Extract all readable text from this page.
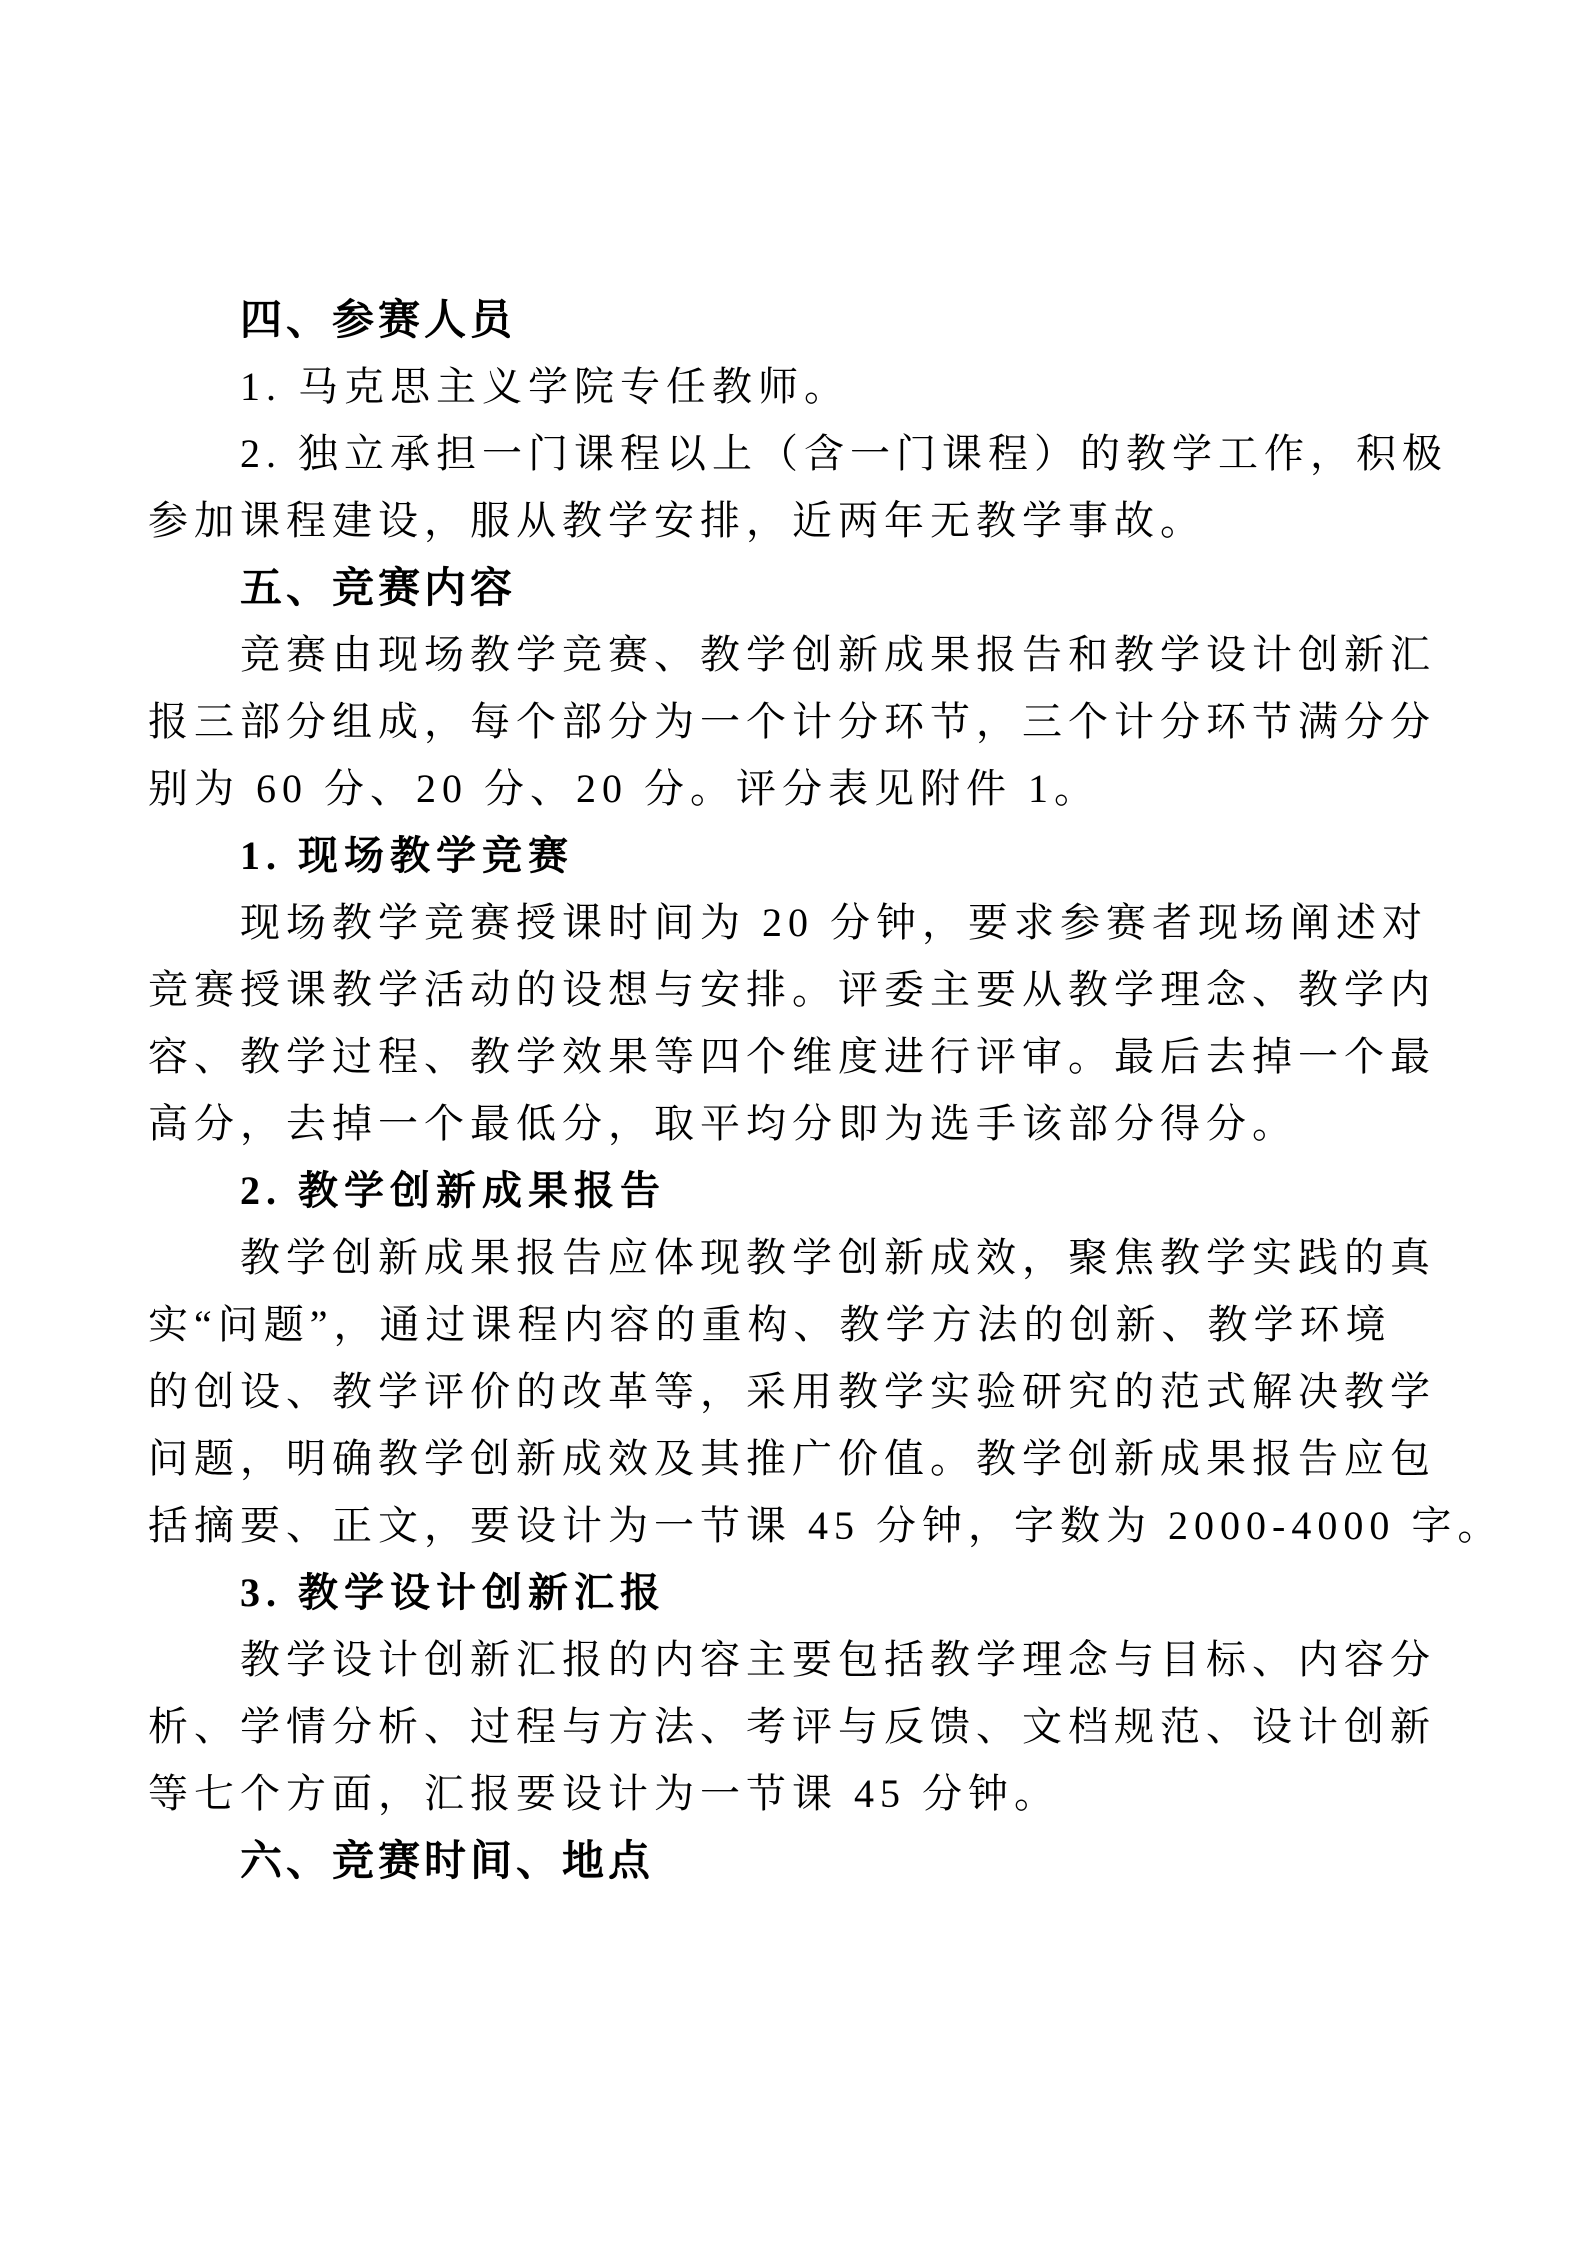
四、参赛人员
1. 马克思主义学院专任教师。
2. 独立承担一门课程以上（含一门课程）的教学工作，积极
参加课程建设，服从教学安排，近两年无教学事故。
五、竞赛内容
竞赛由现场教学竞赛、教学创新成果报告和教学设计创新汇
报三部分组成，每个部分为一个计分环节，三个计分环节满分分
别为 60 分、20 分、20 分。评分表见附件 1。
1. 现场教学竞赛
现场教学竞赛授课时间为 20 分钟，要求参赛者现场阐述对
竞赛授课教学活动的设想与安排。评委主要从教学理念、教学内
容、教学过程、教学效果等四个维度进行评审。最后去掉一个最
高分，去掉一个最低分，取平均分即为选手该部分得分。
2. 教学创新成果报告
教学创新成果报告应体现教学创新成效，聚焦教学实践的真
实“问题”，通过课程内容的重构、教学方法的创新、教学环境
的创设、教学评价的改革等，采用教学实验研究的范式解决教学
问题，明确教学创新成效及其推广价值。教学创新成果报告应包
括摘要、正文，要设计为一节课 45 分钟，字数为 2000-4000 字。
3. 教学设计创新汇报
教学设计创新汇报的内容主要包括教学理念与目标、内容分
析、学情分析、过程与方法、考评与反馈、文档规范、设计创新
等七个方面，汇报要设计为一节课 45 分钟。
六、竞赛时间、地点
